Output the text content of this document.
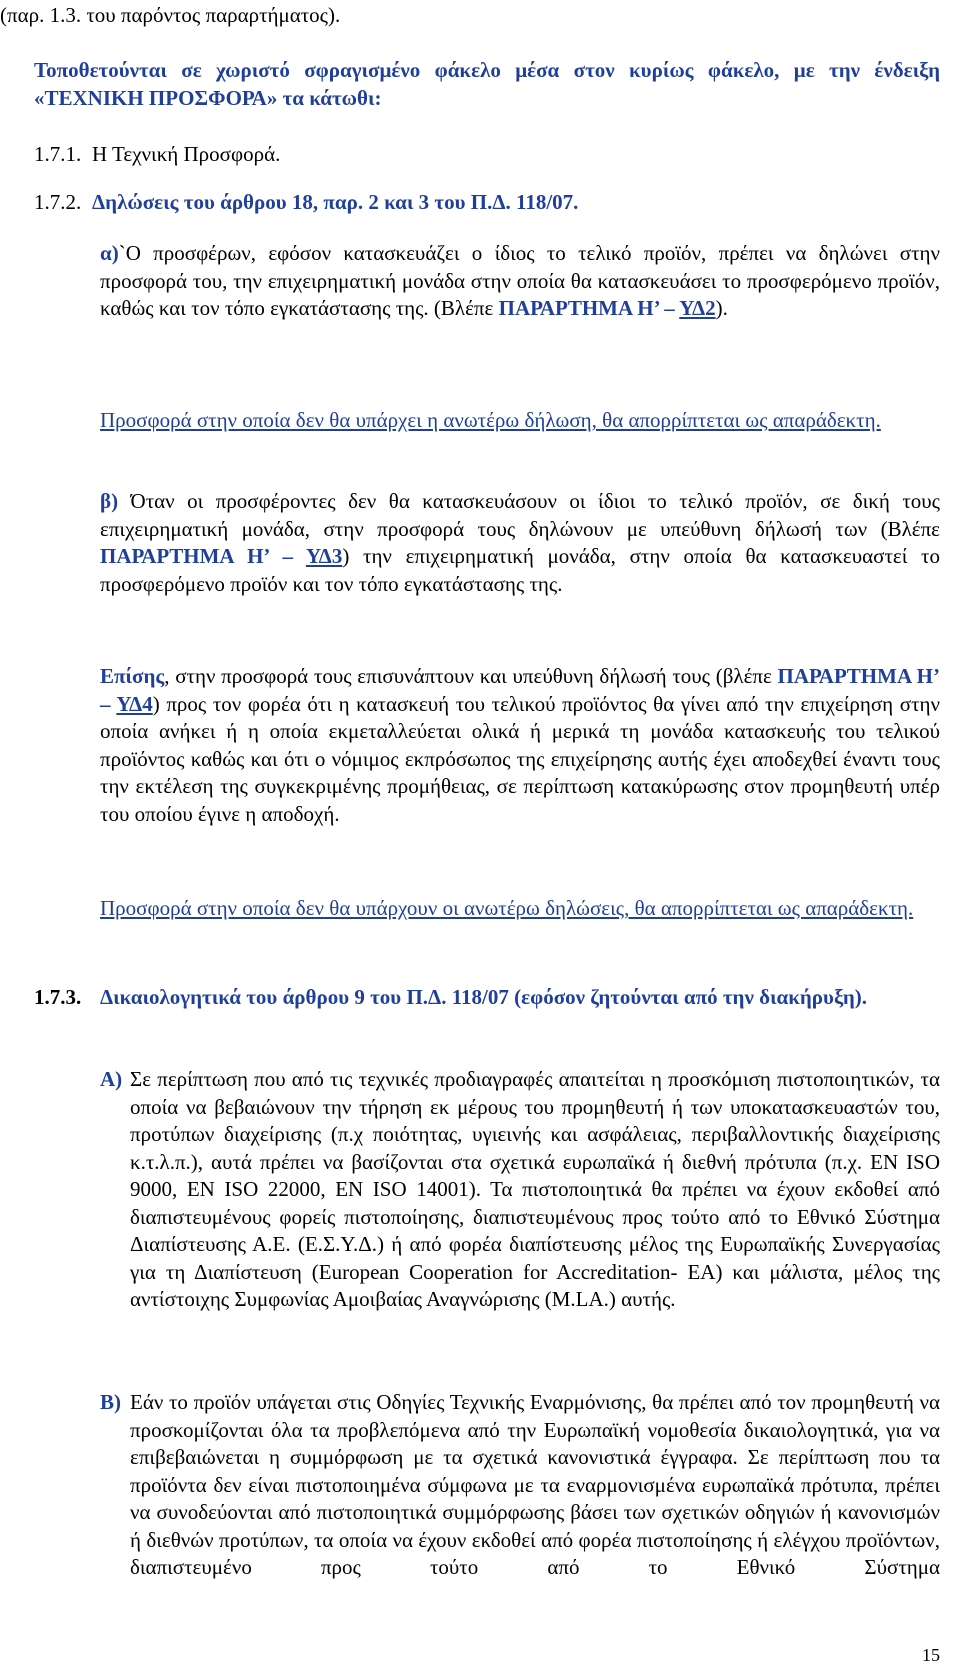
(παρ. 1.3. του παρόντος παραρτήματος).

Τοποθετούνται σε χωριστό σφραγισμένο φάκελο μέσα στον κυρίως φάκελο, με την ένδειξη «ΤΕΧΝΙΚΗ ΠΡΟΣΦΟΡΑ» τα κάτωθι:

1.7.1. Η Τεχνική Προσφορά.
1.7.2. Δηλώσεις του άρθρου 18, παρ. 2 και 3 του Π.Δ. 118/07.

α)`Ο προσφέρων, εφόσον κατασκευάζει ο ίδιος το τελικό προϊόν, πρέπει να δηλώνει στην προσφορά του, την επιχειρηματική μονάδα στην οποία θα κατασκευάσει το προσφερόμενο προϊόν, καθώς και τον τόπο εγκατάστασης της. (Βλέπε ΠΑΡΑΡΤΗΜΑ Η’ – ΥΔ2).

Προσφορά στην οποία δεν θα υπάρχει η ανωτέρω δήλωση, θα απορρίπτεται ως απαράδεκτη.

β) Όταν οι προσφέροντες δεν θα κατασκευάσουν οι ίδιοι το τελικό προϊόν, σε δική τους επιχειρηματική μονάδα, στην προσφορά τους δηλώνουν με υπεύθυνη δήλωσή των (Βλέπε ΠΑΡΑΡΤΗΜΑ Η’ – ΥΔ3) την επιχειρηματική μονάδα, στην οποία θα κατασκευαστεί το προσφερόμενο προϊόν και τον τόπο εγκατάστασης της.

Επίσης, στην προσφορά τους επισυνάπτουν και υπεύθυνη δήλωσή τους (βλέπε ΠΑΡΑΡΤΗΜΑ Η’ – ΥΔ4) προς τον φορέα ότι η κατασκευή του τελικού προϊόντος θα γίνει από την επιχείρηση στην οποία ανήκει ή η οποία εκμεταλλεύεται ολικά ή μερικά τη μονάδα κατασκευής του τελικού προϊόντος καθώς και ότι ο νόμιμος εκπρόσωπος της επιχείρησης αυτής έχει αποδεχθεί έναντι τους την εκτέλεση της συγκεκριμένης προμήθειας, σε περίπτωση κατακύρωσης στον προμηθευτή υπέρ του οποίου έγινε η αποδοχή.

Προσφορά στην οποία δεν θα υπάρχουν οι ανωτέρω δηλώσεις, θα απορρίπτεται ως απαράδεκτη.

1.7.3. Δικαιολογητικά του άρθρου 9 του Π.Δ. 118/07 (εφόσον ζητούνται από την διακήρυξη).

Α) Σε περίπτωση που από τις τεχνικές προδιαγραφές απαιτείται η προσκόμιση πιστοποιητικών, τα οποία να βεβαιώνουν την τήρηση εκ μέρους του προμηθευτή ή των υποκατασκευαστών του, προτύπων διαχείρισης (π.χ ποιότητας, υγιεινής και ασφάλειας, περιβαλλοντικής διαχείρισης κ.τ.λ.π.), αυτά πρέπει να βασίζονται στα σχετικά ευρωπαϊκά ή διεθνή πρότυπα (π.χ. EN ISO 9000, EN ISO 22000, EN ISO 14001). Τα πιστοποιητικά θα πρέπει να έχουν εκδοθεί από διαπιστευμένους φορείς πιστοποίησης, διαπιστευμένους προς τούτο από το Εθνικό Σύστημα Διαπίστευσης Α.Ε. (Ε.Σ.Υ.Δ.) ή από φορέα διαπίστευσης μέλος της Ευρωπαϊκής Συνεργασίας για τη Διαπίστευση (European Cooperation for Accreditation- EA) και μάλιστα, μέλος της αντίστοιχης Συμφωνίας Αμοιβαίας Αναγνώρισης (M.LA.) αυτής.

Β) Εάν το προϊόν υπάγεται στις Οδηγίες Τεχνικής Εναρμόνισης, θα πρέπει από τον προμηθευτή να προσκομίζονται όλα τα προβλεπόμενα από την Ευρωπαϊκή νομοθεσία δικαιολογητικά, για να επιβεβαιώνεται η συμμόρφωση με τα σχετικά κανονιστικά έγγραφα. Σε περίπτωση που τα προϊόντα δεν είναι πιστοποιημένα σύμφωνα με τα εναρμονισμένα ευρωπαϊκά πρότυπα, πρέπει να συνοδεύονται από πιστοποιητικά συμμόρφωσης βάσει των σχετικών οδηγιών ή κανονισμών ή διεθνών προτύπων, τα οποία να έχουν εκδοθεί από φορέα πιστοποίησης ή ελέγχου προϊόντων, διαπιστευμένο προς τούτο από το Εθνικό Σύστημα

15
